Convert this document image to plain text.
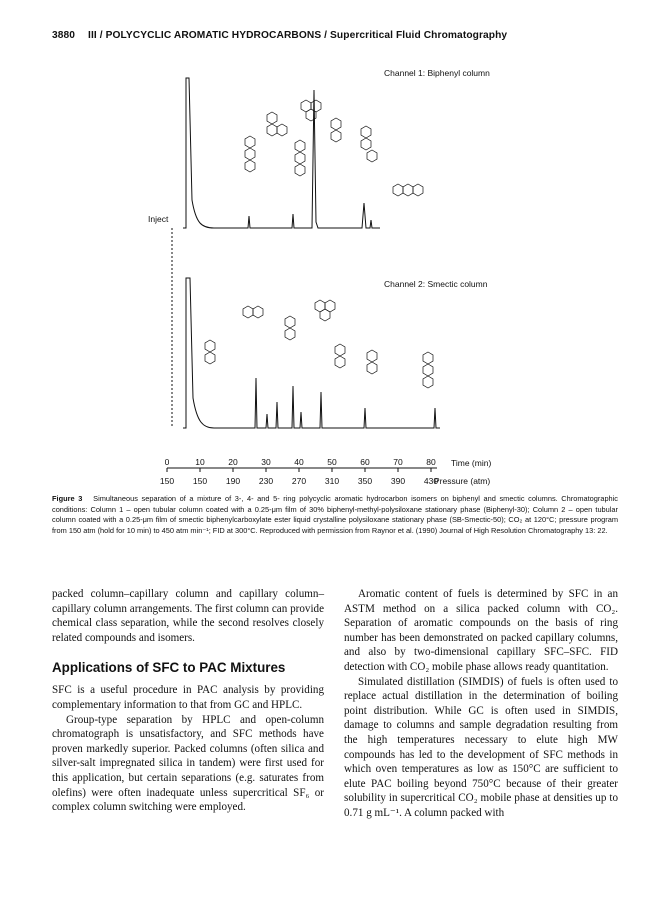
3880 III / POLYCYCLIC AROMATIC HYDROCARBONS / Supercritical Fluid Chromatography
Channel 1: Biphenyl column
Channel 2: Smectic column
Inject
Time (min)
Pressure (atm)
0
150
10
150
20
190
30
230
40
270
50
310
60
350
70
390
80
430
Figure 3 Simultaneous separation of a mixture of 3-, 4- and 5- ring polycyclic aromatic hydrocarbon isomers on biphenyl and smectic columns. Chromatographic conditions: Column 1 – open tubular column coated with a 0.25-μm film of 30% biphenyl-methyl-polysiloxane stationary phase (Biphenyl-30); Column 2 – open tubular column coated with a 0.25-μm film of smectic biphenylcarboxylate ester liquid crystalline polysiloxane stationary phase (SB-Smectic-50); CO₂ at 120°C; pressure program from 150 atm (hold for 10 min) to 450 atm min⁻¹; FID at 300°C. Reproduced with permission from Raynor et al. (1990) Journal of High Resolution Chromatography 13: 22.

packed column–capillary column and capillary column–capillary column arrangements. The first column can provide chemical class separation, while the second resolves closely related compounds and isomers.

Applications of SFC to PAC Mixtures

SFC is a useful procedure in PAC analysis by providing complementary information to that from GC and HPLC.

Group-type separation by HPLC and open-column chromatograph is unsatisfactory, and SFC methods have proven markedly superior. Packed columns (often silica and silver-salt impregnated silica in tandem) were first used for this application, but certain separations (e.g. saturates from olefins) were often inadequate unless supercritical SF₆ or complex column switching were employed.

Aromatic content of fuels is determined by SFC in an ASTM method on a silica packed column with CO₂. Separation of aromatic compounds on the basis of ring number has been demonstrated on packed capillary columns, and also by two-dimensional capillary SFC–SFC. FID detection with CO₂ mobile phase allows ready quantitation.

Simulated distillation (SIMDIS) of fuels is often used to replace actual distillation in the determination of boiling point distribution. While GC is often used in SIMDIS, damage to columns and sample degradation resulting from the high temperatures necessary to elute high MW compounds has led to the development of SFC methods in which oven temperatures as low as 150°C are sufficient to elute PAC boiling beyond 750°C because of their greater solubility in supercritical CO₂ mobile phase at densities up to 0.71 g mL⁻¹. A column packed with
